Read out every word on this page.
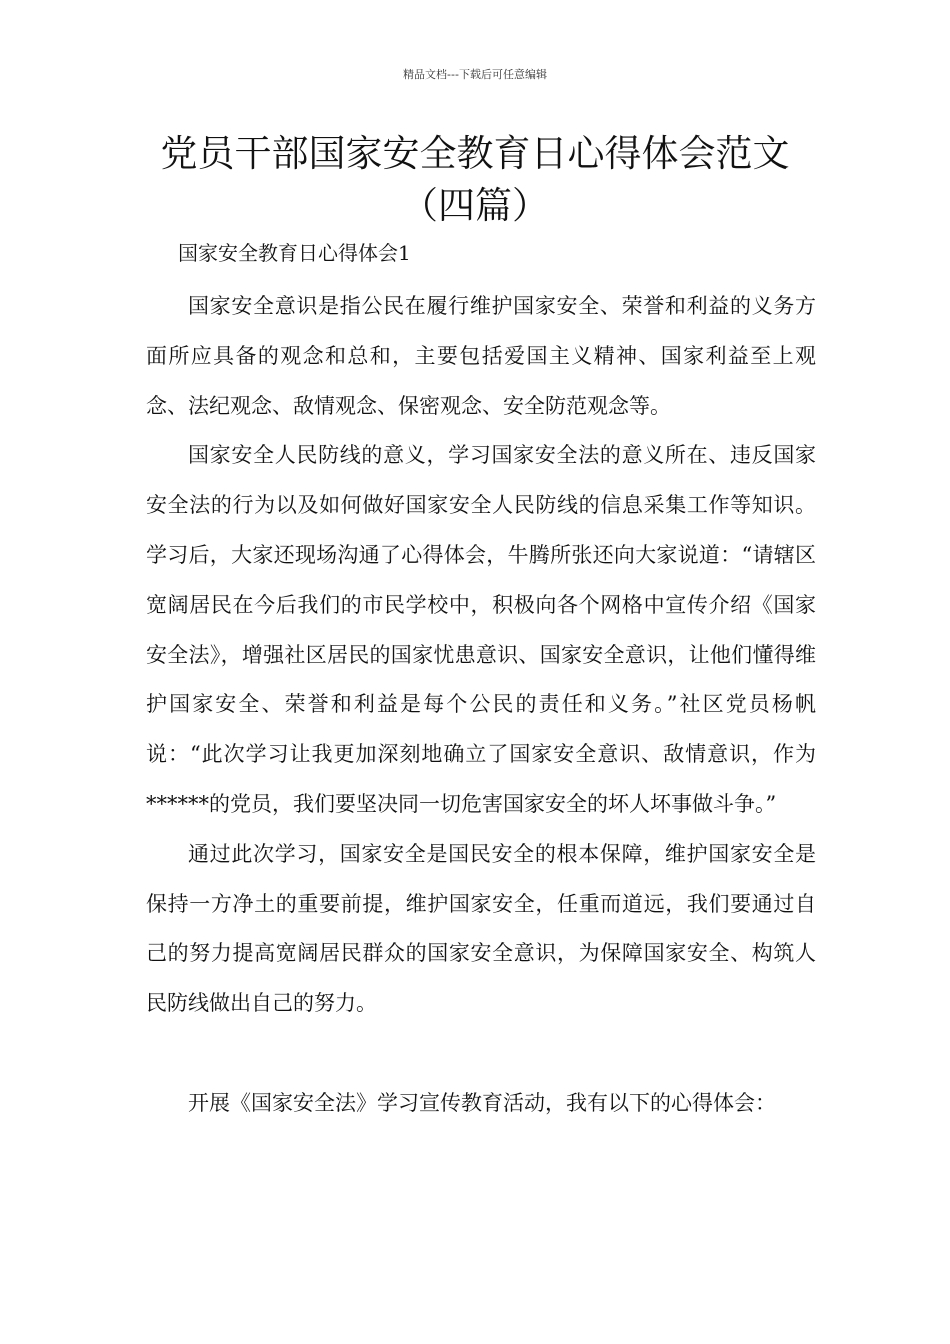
精品文档---下载后可任意编辑
党员干部国家安全教育日心得体会范文
（四篇）
国家安全教育日心得体会1

国家安全意识是指公民在履行维护国家安全、荣誉和利益的义务方面所应具备的观念和总和，主要包括爱国主义精神、国家利益至上观念、法纪观念、敌情观念、保密观念、安全防范观念等。

国家安全人民防线的意义，学习国家安全法的意义所在、违反国家安全法的行为以及如何做好国家安全人民防线的信息采集工作等知识。学习后，大家还现场沟通了心得体会，牛腾所张还向大家说道：“请辖区宽阔居民在今后我们的市民学校中，积极向各个网格中宣传介绍《国家安全法》，增强社区居民的国家忧患意识、国家安全意识，让他们懂得维护国家安全、荣誉和利益是每个公民的责任和义务。”社区党员杨帆说：“此次学习让我更加深刻地确立了国家安全意识、敌情意识，作为******的党员，我们要坚决同一切危害国家安全的坏人坏事做斗争。”

通过此次学习，国家安全是国民安全的根本保障，维护国家安全是保持一方净土的重要前提，维护国家安全，任重而道远，我们要通过自己的努力提高宽阔居民群众的国家安全意识，为保障国家安全、构筑人民防线做出自己的努力。

开展《国家安全法》学习宣传教育活动，我有以下的心得体会：
